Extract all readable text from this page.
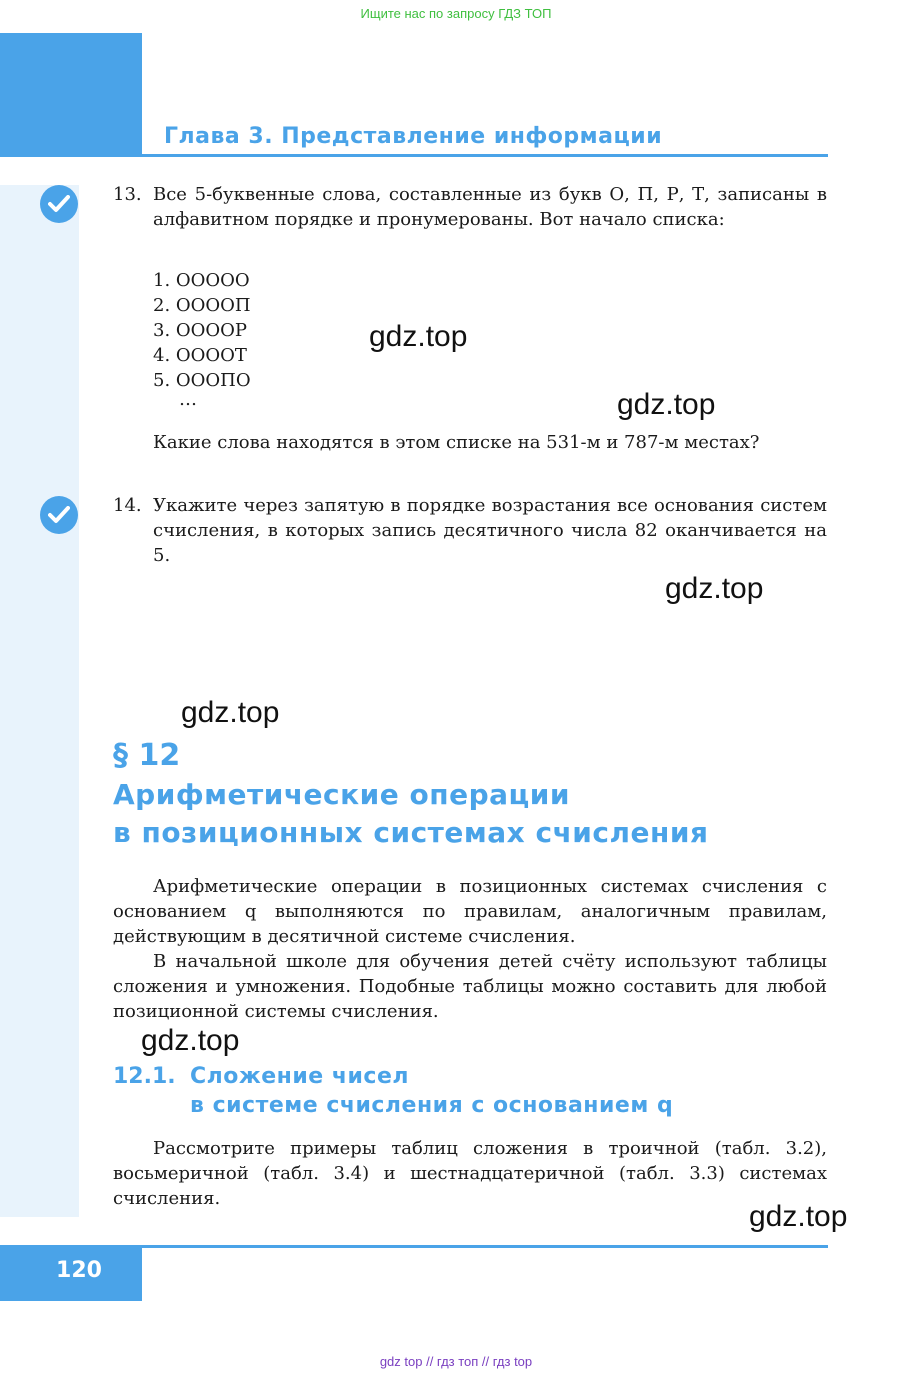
Ищите нас по запросу ГДЗ ТОП
Глава 3. Представление информации
13. Все 5-буквенные слова, составленные из букв О, П, Р, Т, записаны в алфавитном порядке и пронумерованы. Вот начало списка:
1. ООООО
2. ООООП
3. ООООР
4. ООООТ
5. ОООПО
…
Какие слова находятся в этом списке на 531-м и 787-м местах?
14. Укажите через запятую в порядке возрастания все основания систем счисления, в которых запись десятичного числа 82 оканчивается на 5.
gdz.top
gdz.top
gdz.top
gdz.top
gdz.top
gdz.top
§ 12
Арифметические операции
в позиционных системах счисления
Арифметические операции в позиционных системах счисления с основанием q выполняются по правилам, аналогичным правилам, действующим в десятичной системе счисления.
В начальной школе для обучения детей счёту используют таблицы сложения и умножения. Подобные таблицы можно составить для любой позиционной системы счисления.
12.1. Сложение чисел
в системе счисления с основанием q
Рассмотрите примеры таблиц сложения в троичной (табл. 3.2), восьмеричной (табл. 3.4) и шестнадцатеричной (табл. 3.3) системах счисления.
120
gdz top // гдз топ // гдз top
